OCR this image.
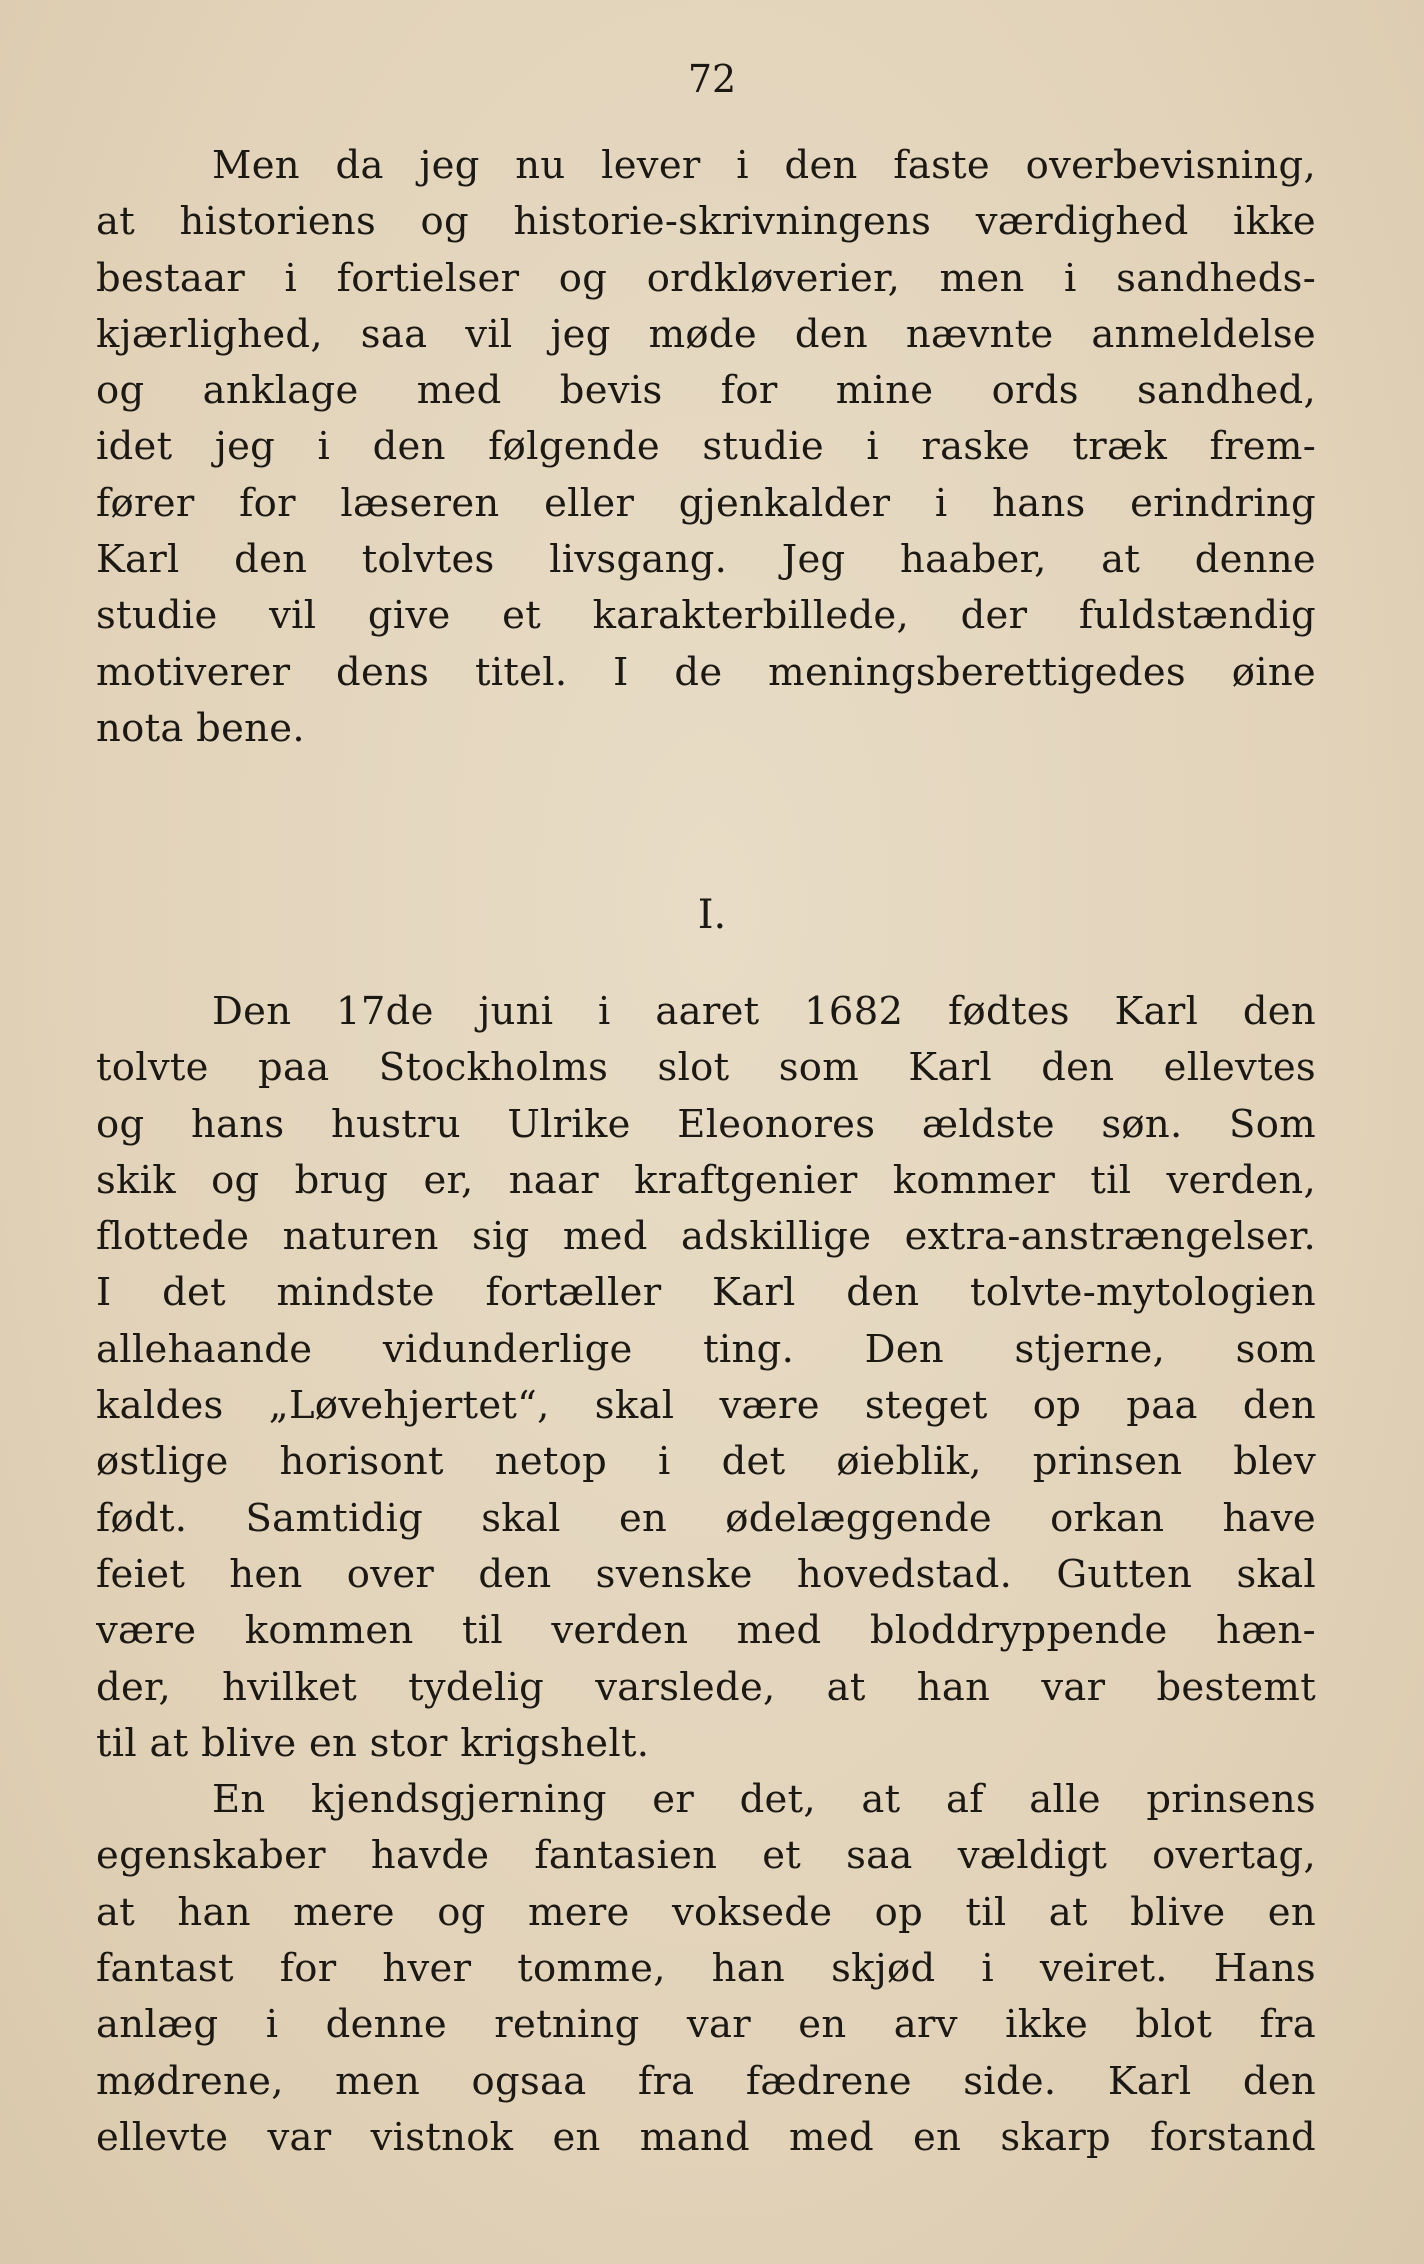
72
Men da jeg nu lever i den faste overbevisning,
at historiens og historie-skrivningens værdighed ikke
bestaar i fortielser og ordkløverier, men i sandheds-
kjærlighed, saa vil jeg møde den nævnte anmeldelse
og anklage med bevis for mine ords sandhed,
idet jeg i den følgende studie i raske træk frem-
fører for læseren eller gjenkalder i hans erindring
Karl den tolvtes livsgang. Jeg haaber, at denne
studie vil give et karakterbillede, der fuldstændig
motiverer dens titel. I de meningsberettigedes øine
nota bene.
I.
Den 17de juni i aaret 1682 fødtes Karl den
tolvte paa Stockholms slot som Karl den ellevtes
og hans hustru Ulrike Eleonores ældste søn. Som
skik og brug er, naar kraftgenier kommer til verden,
flottede naturen sig med adskillige extra-anstrængelser.
I det mindste fortæller Karl den tolvte-mytologien
allehaande vidunderlige ting. Den stjerne, som
kaldes „Løvehjertet“, skal være steget op paa den
østlige horisont netop i det øieblik, prinsen blev
født. Samtidig skal en ødelæggende orkan have
feiet hen over den svenske hovedstad. Gutten skal
være kommen til verden med bloddryppende hæn-
der, hvilket tydelig varslede, at han var bestemt
til at blive en stor krigshelt.
En kjendsgjerning er det, at af alle prinsens
egenskaber havde fantasien et saa vældigt overtag,
at han mere og mere voksede op til at blive en
fantast for hver tomme, han skjød i veiret. Hans
anlæg i denne retning var en arv ikke blot fra
mødrene, men ogsaa fra fædrene side. Karl den
ellevte var vistnok en mand med en skarp forstand
